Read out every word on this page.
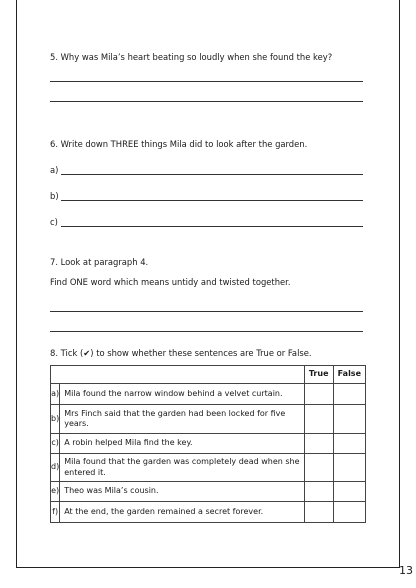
5. Why was Mila’s heart beating so loudly when she found the key?
6. Write down THREE things Mila did to look after the garden.
a)
b)
c)
7. Look at paragraph 4.
Find ONE word which means untidy and twisted together.
8. Tick (✔) to show whether these sentences are True or False.
		True	False
a)	Mila found the narrow window behind a velvet curtain.		
b)	Mrs Finch said that the garden had been locked for five years.		
c)	A robin helped Mila find the key.		
d)	Mila found that the garden was completely dead when she entered it.		
e)	Theo was Mila’s cousin.		
f)	At the end, the garden remained a secret forever.		
13
